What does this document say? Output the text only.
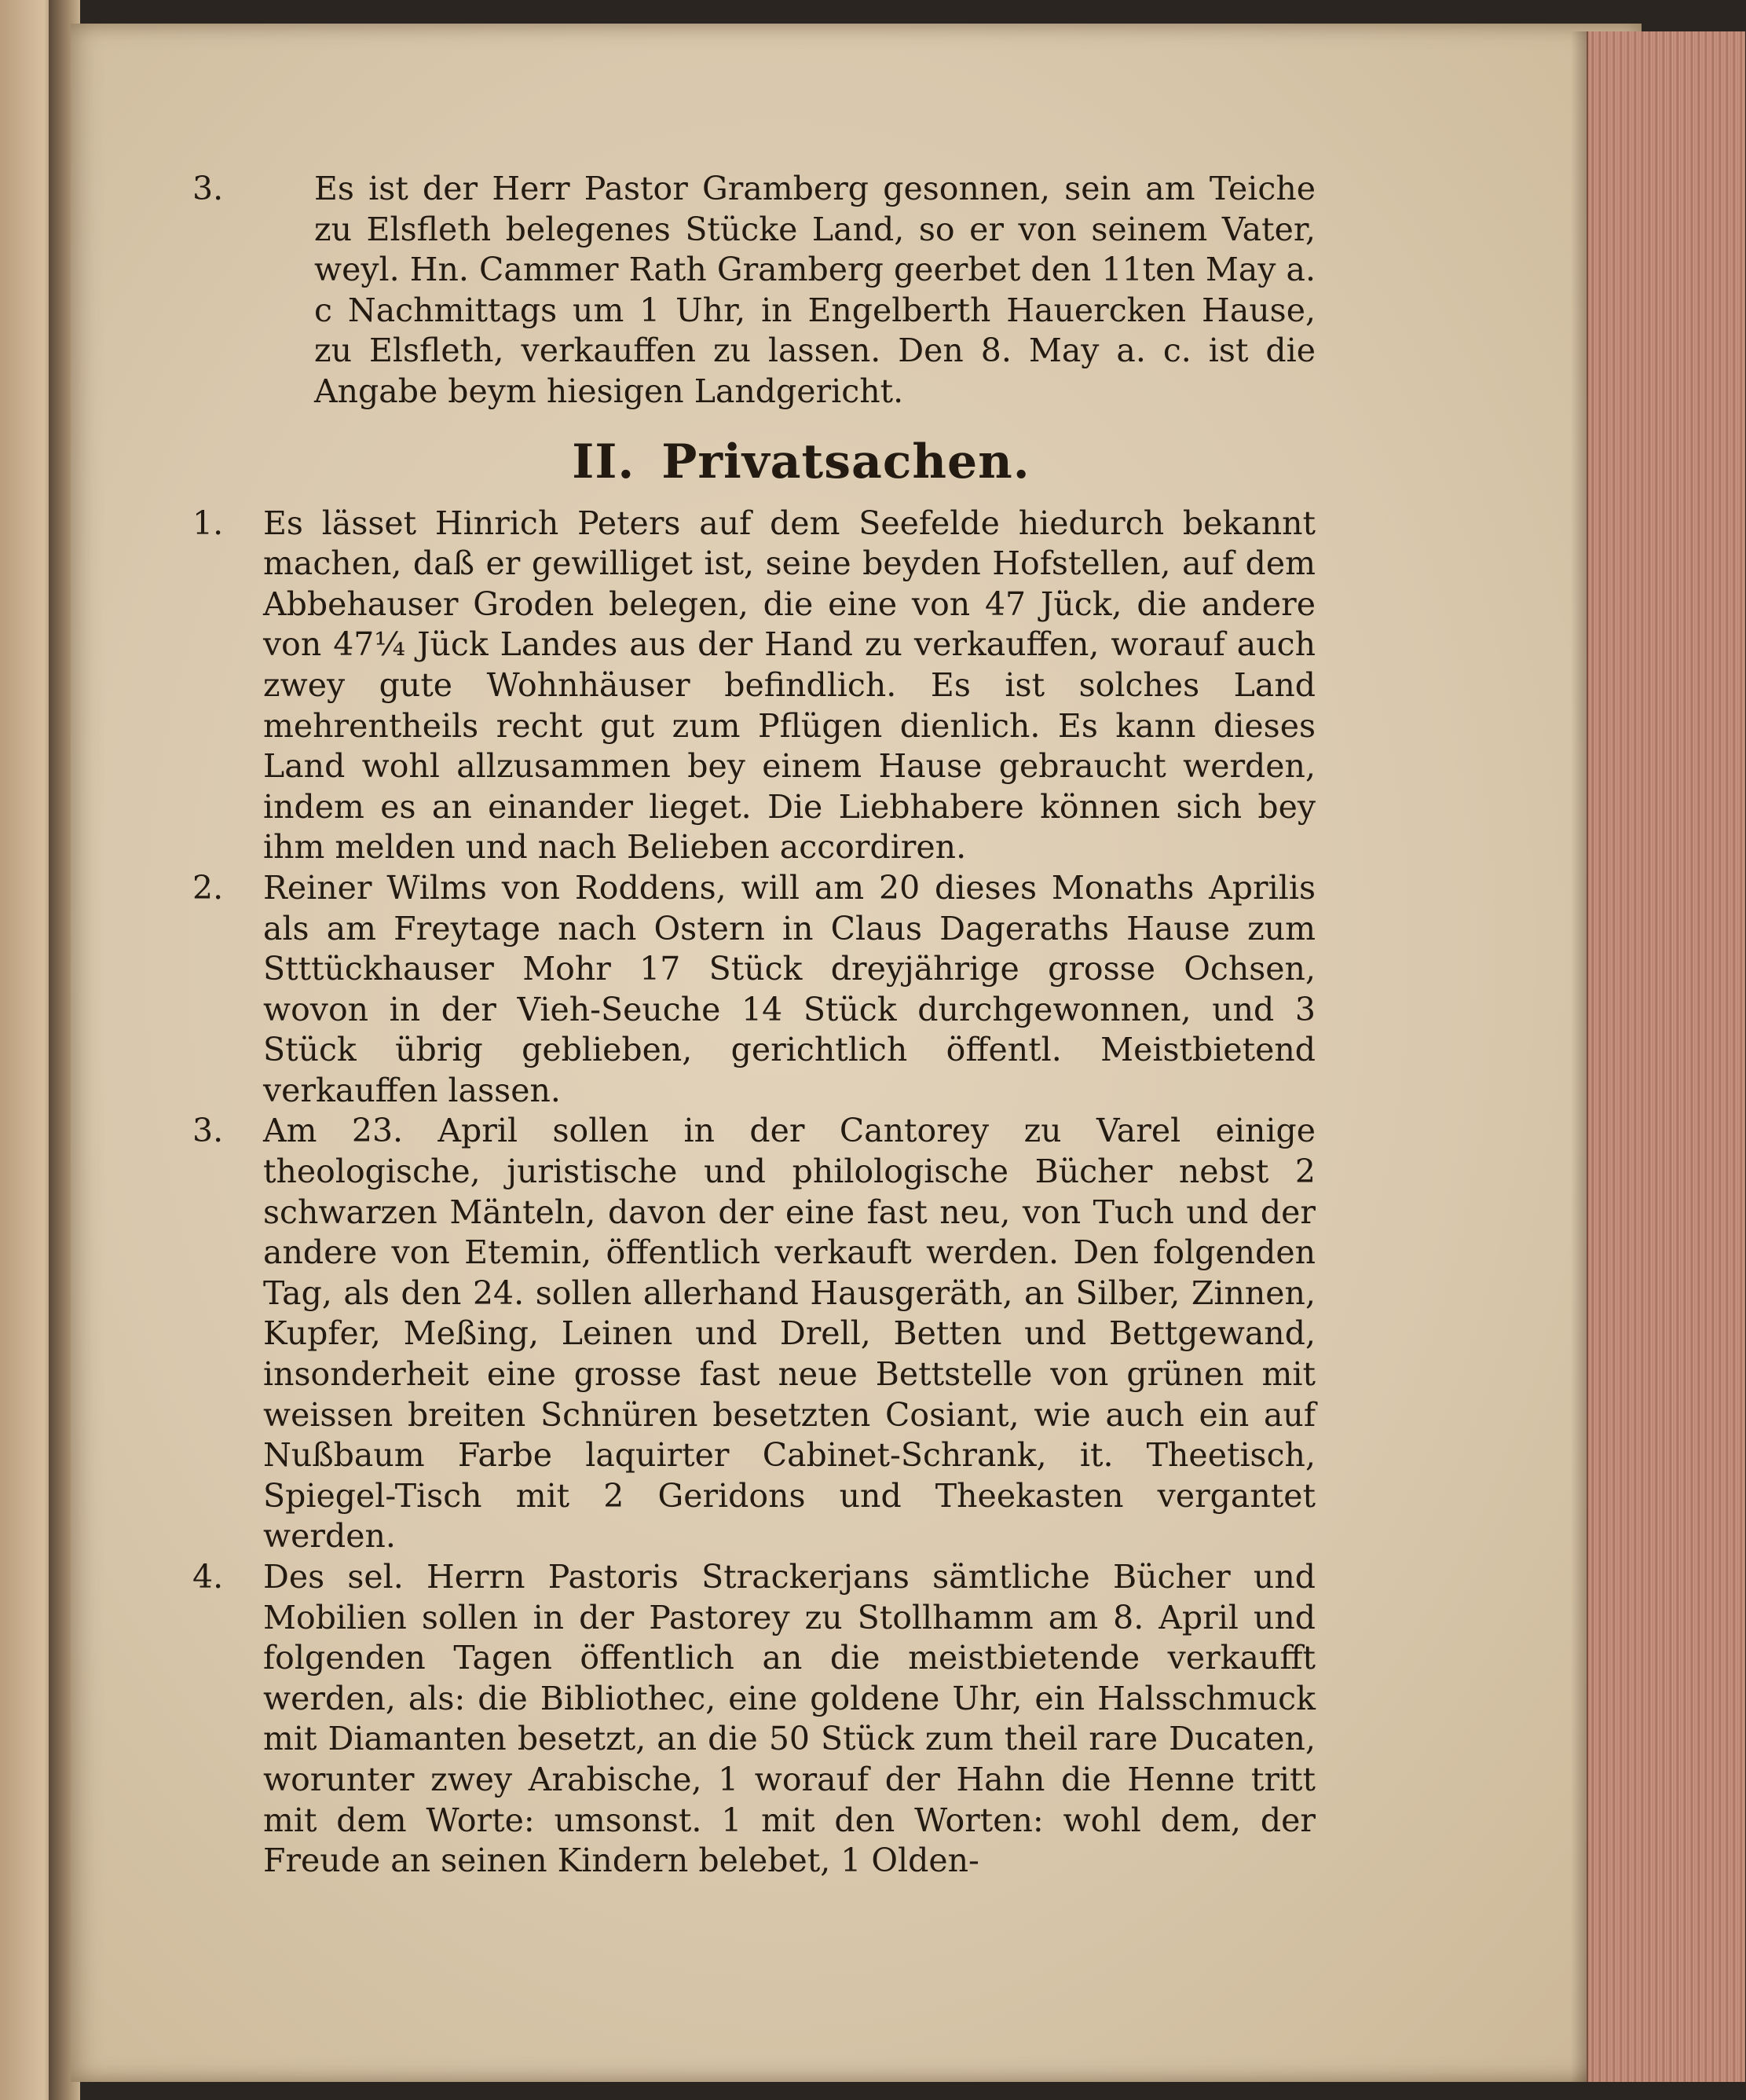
3.	Es ist der Herr Pastor Gramberg gesonnen, sein am Teiche zu Elsfleth belegenes Stücke Land, so er von seinem Vater, weyl. Hn. Cammer Rath Gramberg geerbet den 11ten May a. c Nachmittags um 1 Uhr, in Engelberth Hauercken Hause, zu Elsfleth, verkauffen zu lassen. Den 8. May a. c. ist die Angabe beym hiesigen Landgericht.

II. Privatsachen.
1. Es lässet Hinrich Peters auf dem Seefelde hiedurch bekannt machen, daß er gewilliget ist, seine beyden Hofstellen, auf dem Abbehauser Groden belegen, die eine von 47 Jück, die andere von 47¼ Jück Landes aus der Hand zu verkauffen, worauf auch zwey gute Wohnhäuser befindlich. Es ist solches Land mehrentheils recht gut zum Pflügen dienlich. Es kann dieses Land wohl allzusammen bey einem Hause gebraucht werden, indem es an einander lieget. Die Liebhabere können sich bey ihm melden und nach Belieben accordiren.

2. Reiner Wilms von Roddens, will am 20 dieses Monaths Aprilis als am Freytage nach Ostern in Claus Dageraths Hause zum Stttückhauser Mohr 17 Stück dreyjährige grosse Ochsen, wovon in der Vieh-Seuche 14 Stück durchgewonnen, und 3 Stück übrig geblieben, gerichtlich öffentl. Meistbietend verkauffen lassen.

3. Am 23. April sollen in der Cantorey zu Varel einige theologische, juristische und philologische Bücher nebst 2 schwarzen Mänteln, davon der eine fast neu, von Tuch und der andere von Etemin, öffentlich verkauft werden. Den folgenden Tag, als den 24. sollen allerhand Hausgeräth, an Silber, Zinnen, Kupfer, Meßing, Leinen und Drell, Betten und Bettgewand, insonderheit eine grosse fast neue Bettstelle von grünen mit weissen breiten Schnüren besetzten Cosiant, wie auch ein auf Nußbaum Farbe laquirter Cabinet-Schrank, it. Theetisch, Spiegel-Tisch mit 2 Geridons und Theekasten vergantet werden.

4. Des sel. Herrn Pastoris Strackerjans sämtliche Bücher und Mobilien sollen in der Pastorey zu Stollhamm am 8. April und folgenden Tagen öffentlich an die meistbietende verkaufft werden, als: die Bibliothec, eine goldene Uhr, ein Halsschmuck mit Diamanten besetzt, an die 50 Stück zum theil rare Ducaten, worunter zwey Arabische, 1 worauf der Hahn die Henne tritt mit dem Worte: umsonst. 1 mit den Worten: wohl dem, der Freude an seinen Kindern belebet, 1 Olden-
